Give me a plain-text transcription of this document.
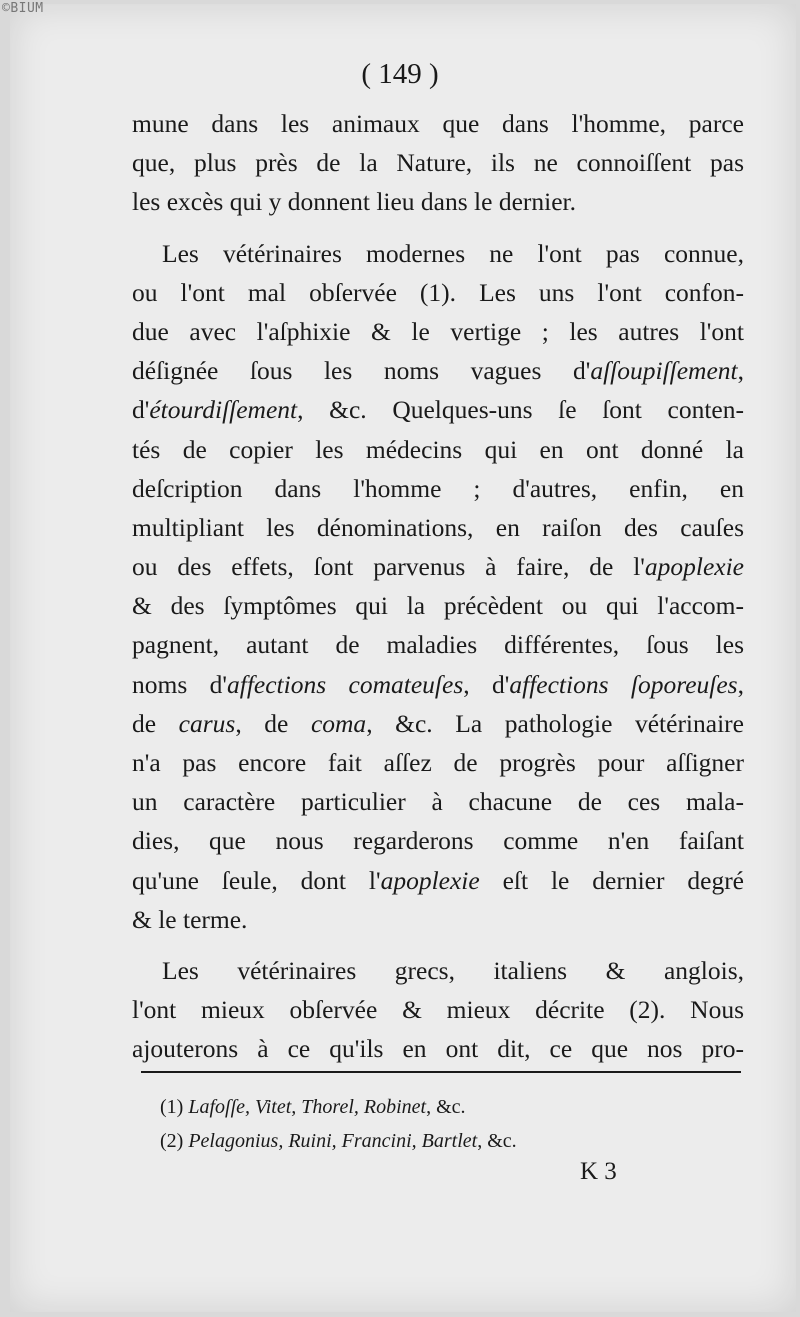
©BIUM
( 149 )
mune dans les animaux que dans l'homme, parce
que, plus près de la Nature, ils ne connoiſſent pas
les excès qui y donnent lieu dans le dernier.
Les vétérinaires modernes ne l'ont pas connue,
ou l'ont mal obſervée (1). Les uns l'ont confon-
due avec l'aſphixie & le vertige ; les autres l'ont
déſignée ſous les noms vagues d'aſſoupiſſement,
d'étourdiſſement, &c. Quelques-uns ſe ſont conten-
tés de copier les médecins qui en ont donné la
deſcription dans l'homme ; d'autres, enfin, en
multipliant les dénominations, en raiſon des cauſes
ou des effets, ſont parvenus à faire, de l'apoplexie
& des ſymptômes qui la précèdent ou qui l'accom-
pagnent, autant de maladies différentes, ſous les
noms d'affections comateuſes, d'affections ſoporeuſes,
de carus, de coma, &c. La pathologie vétérinaire
n'a pas encore fait aſſez de progrès pour aſſigner
un caractère particulier à chacune de ces mala-
dies, que nous regarderons comme n'en faiſant
qu'une ſeule, dont l'apoplexie eſt le dernier degré
& le terme.
Les vétérinaires grecs, italiens & anglois,
l'ont mieux obſervée & mieux décrite (2). Nous
ajouterons à ce qu'ils en ont dit, ce que nos pro-
(1) Lafoſſe, Vitet, Thorel, Robinet, &c.
(2) Pelagonius, Ruini, Francini, Bartlet, &c.
K 3
